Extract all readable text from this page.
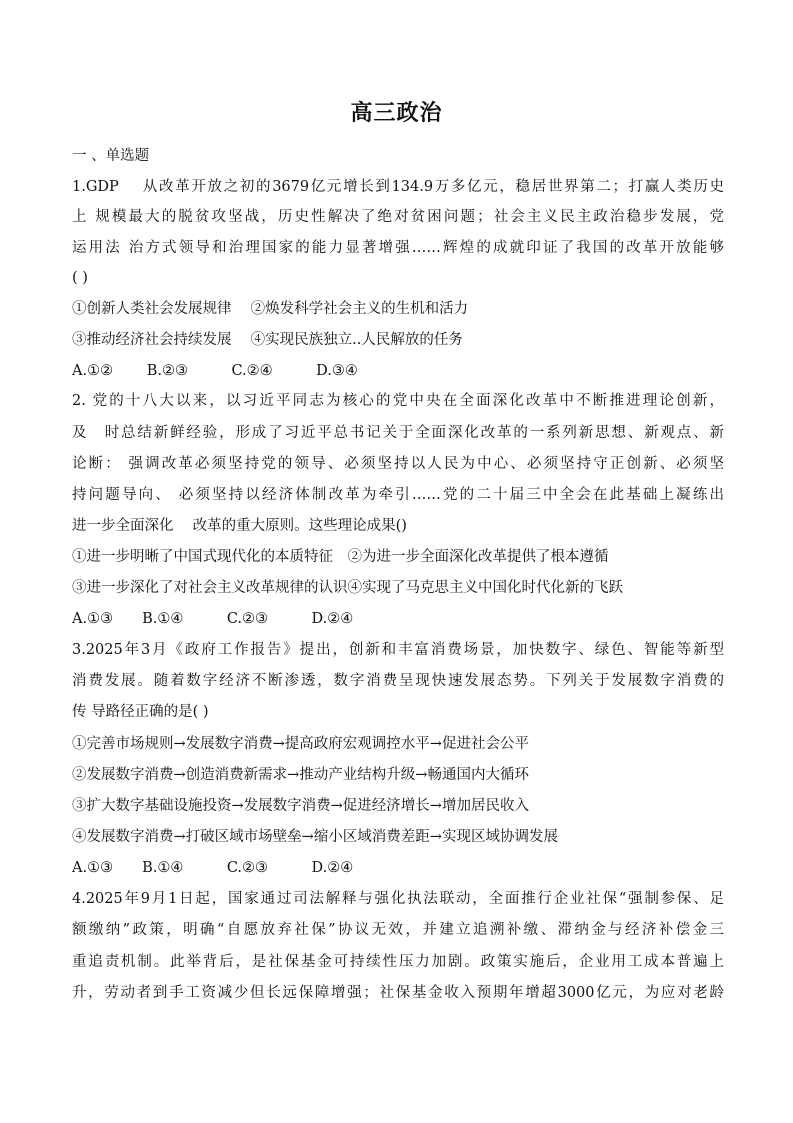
高三政治
一 、单选题
1.GDP　 从改革开放之初的3679亿元增长到134.9万多亿元，稳居世界第二；打赢人类历史
上 规模最大的脱贫攻坚战，历史性解决了绝对贫困问题；社会主义民主政治稳步发展，党
运用法 治方式领导和治理国家的能力显著增强……辉煌的成就印证了我国的改革开放能够
( )
①创新人类社会发展规律　 ②焕发科学社会主义的生机和活力
③推动经济社会持续发展　 ④实现民族独立..人民解放的任务
A.①②　　 B.②③　　　C.②④　　　D.③④
2. 党的十八大以来，以习近平同志为核心的党中央在全面深化改革中不断推进理论创新，
及　时总结新鲜经验，形成了习近平总书记关于全面深化改革的一系列新思想、新观点、新
论断： 强调改革必须坚持党的领导、必须坚持以人民为中心、必须坚持守正创新、必须坚
持问题导向、 必须坚持以经济体制改革为牵引……党的二十届三中全会在此基础上凝练出
进一步全面深化　 改革的重大原则。这些理论成果()
①进一步明晰了中国式现代化的本质特征　②为进一步全面深化改革提供了根本遵循
③进一步深化了对社会主义改革规律的认识④实现了马克思主义中国化时代化新的飞跃
A.①③　　B.①④　　　C.②③　　　D.②④
3.2025年3月《政府工作报告》提出，创新和丰富消费场景，加快数字、绿色、智能等新型
消费发展。随着数字经济不断渗透，数字消费呈现快速发展态势。下列关于发展数字消费的
传 导路径正确的是( )
①完善市场规则→发展数字消费→提高政府宏观调控水平→促进社会公平
②发展数字消费→创造消费新需求→推动产业结构升级→畅通国内大循环
③扩大数字基础设施投资→发展数字消费→促进经济增长→增加居民收入
④发展数字消费→打破区域市场壁垒→缩小区域消费差距→实现区域协调发展
A.①③　　B.①④　　　C.②③　　　D.②④
4.2025年9月1日起，国家通过司法解释与强化执法联动，全面推行企业社保“强制参保、足
额缴纳”政策，明确“自愿放弃社保”协议无效，并建立追溯补缴、滞纳金与经济补偿金三
重追责机制。此举背后，是社保基金可持续性压力加剧。政策实施后，企业用工成本普遍上
升，劳动者到手工资减少但长远保障增强；社保基金收入预期年增超3000亿元，为应对老龄
